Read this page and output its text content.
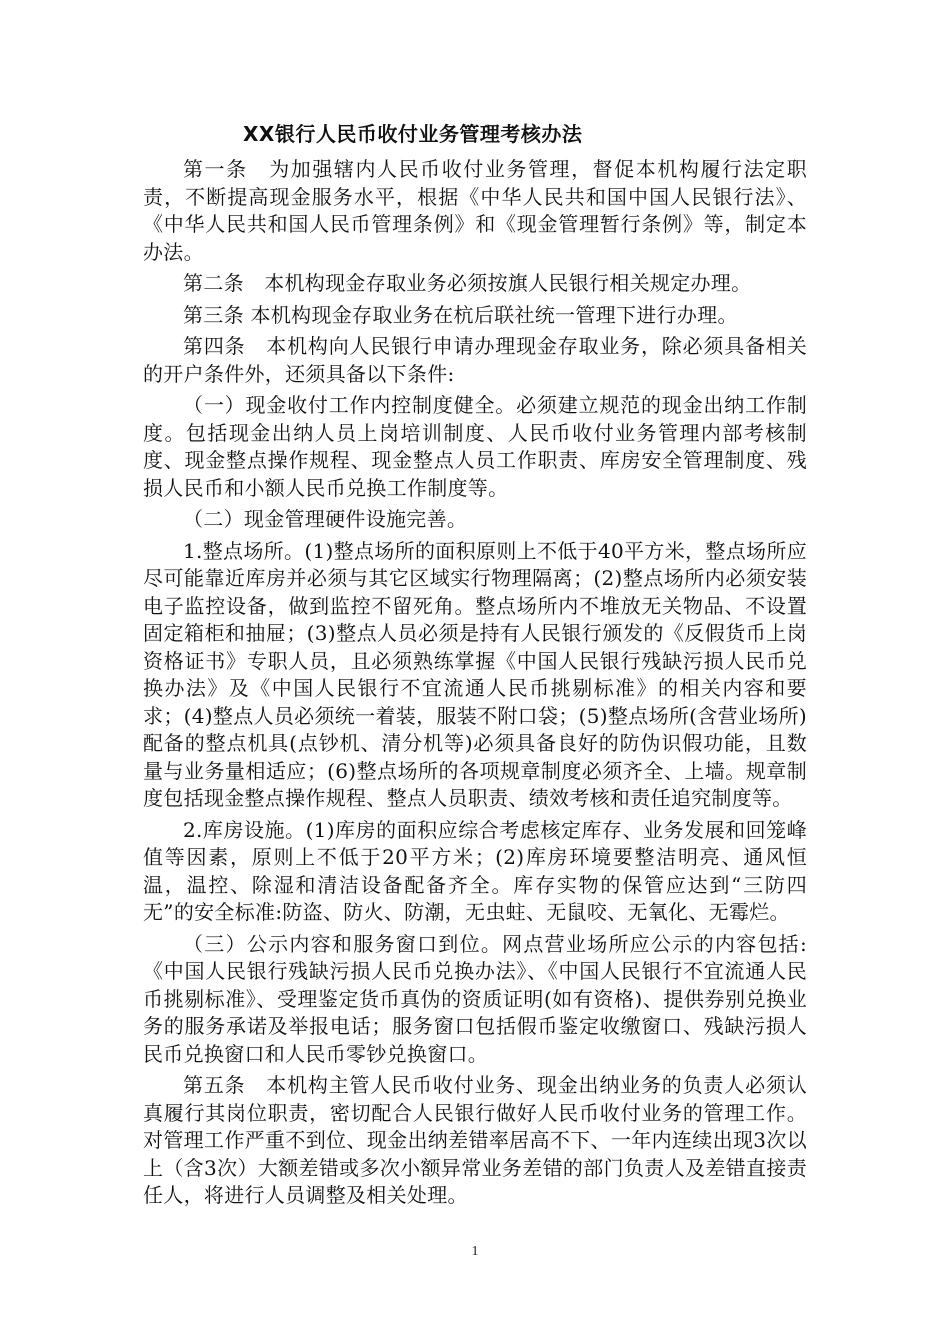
XX银行人民币收付业务管理考核办法

第一条　为加强辖内人民币收付业务管理，督促本机构履行法定职责，不断提高现金服务水平，根据《中华人民共和国中国人民银行法》、《中华人民共和国人民币管理条例》和《现金管理暂行条例》等，制定本办法。

第二条　本机构现金存取业务必须按旗人民银行相关规定办理。

第三条 本机构现金存取业务在杭后联社统一管理下进行办理。

第四条　本机构向人民银行申请办理现金存取业务，除必须具备相关的开户条件外，还须具备以下条件:

（一）现金收付工作内控制度健全。必须建立规范的现金出纳工作制度。包括现金出纳人员上岗培训制度、人民币收付业务管理内部考核制度、现金整点操作规程、现金整点人员工作职责、库房安全管理制度、残损人民币和小额人民币兑换工作制度等。

（二）现金管理硬件设施完善。

1.整点场所。(1)整点场所的面积原则上不低于40平方米，整点场所应尽可能靠近库房并必须与其它区域实行物理隔离；(2)整点场所内必须安装电子监控设备，做到监控不留死角。整点场所内不堆放无关物品、不设置固定箱柜和抽屉；(3)整点人员必须是持有人民银行颁发的《反假货币上岗资格证书》专职人员，且必须熟练掌握《中国人民银行残缺污损人民币兑换办法》及《中国人民银行不宜流通人民币挑剔标准》的相关内容和要求；(4)整点人员必须统一着装，服装不附口袋；(5)整点场所(含营业场所)配备的整点机具(点钞机、清分机等)必须具备良好的防伪识假功能，且数量与业务量相适应；(6)整点场所的各项规章制度必须齐全、上墙。规章制度包括现金整点操作规程、整点人员职责、绩效考核和责任追究制度等。

2.库房设施。(1)库房的面积应综合考虑核定库存、业务发展和回笼峰值等因素，原则上不低于20平方米；(2)库房环境要整洁明亮、通风恒温，温控、除湿和清洁设备配备齐全。库存实物的保管应达到“三防四无”的安全标准:防盗、防火、防潮，无虫蛀、无鼠咬、无氧化、无霉烂。

（三）公示内容和服务窗口到位。网点营业场所应公示的内容包括:《中国人民银行残缺污损人民币兑换办法》、《中国人民银行不宜流通人民币挑剔标准》、受理鉴定货币真伪的资质证明(如有资格)、提供券别兑换业务的服务承诺及举报电话；服务窗口包括假币鉴定收缴窗口、残缺污损人民币兑换窗口和人民币零钞兑换窗口。

第五条　本机构主管人民币收付业务、现金出纳业务的负责人必须认真履行其岗位职责，密切配合人民银行做好人民币收付业务的管理工作。对管理工作严重不到位、现金出纳差错率居高不下、一年内连续出现3次以上（含3次）大额差错或多次小额异常业务差错的部门负责人及差错直接责任人，将进行人员调整及相关处理。

1
